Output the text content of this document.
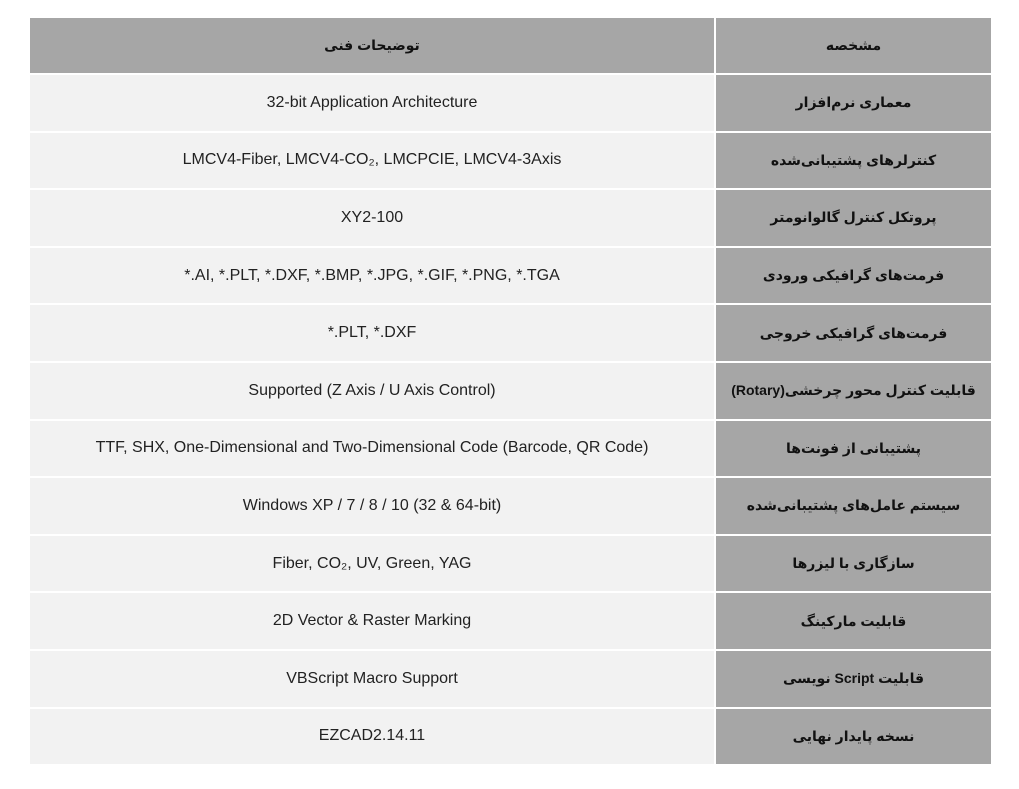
مشخصه	توضیحات فنی
معماری نرم‌افزار	32-bit Application Architecture
کنترلرهای پشتیبانی‌شده	LMCV4-Fiber, LMCV4-CO₂, LMCPCIE, LMCV4-3Axis
پروتکل کنترل گالوانومتر	XY2-100
فرمت‌های گرافیکی ورودی	*.AI, *.PLT, *.DXF, *.BMP, *.JPG, *.GIF, *.PNG, *.TGA
فرمت‌های گرافیکی خروجی	*.PLT, *.DXF
قابلیت کنترل محور چرخشی(Rotary)	Supported (Z Axis / U Axis Control)
پشتیبانی از فونت‌ها	TTF, SHX, One-Dimensional and Two-Dimensional Code (Barcode, QR Code)
سیستم عامل‌های پشتیبانی‌شده	Windows XP / 7 / 8 / 10 (32 & 64-bit)
سازگاری با لیزرها	Fiber, CO₂, UV, Green, YAG
قابلیت مارکینگ	2D Vector & Raster Marking
قابلیت Script نویسی	VBScript Macro Support
نسخه پایدار نهایی	EZCAD2.14.11
